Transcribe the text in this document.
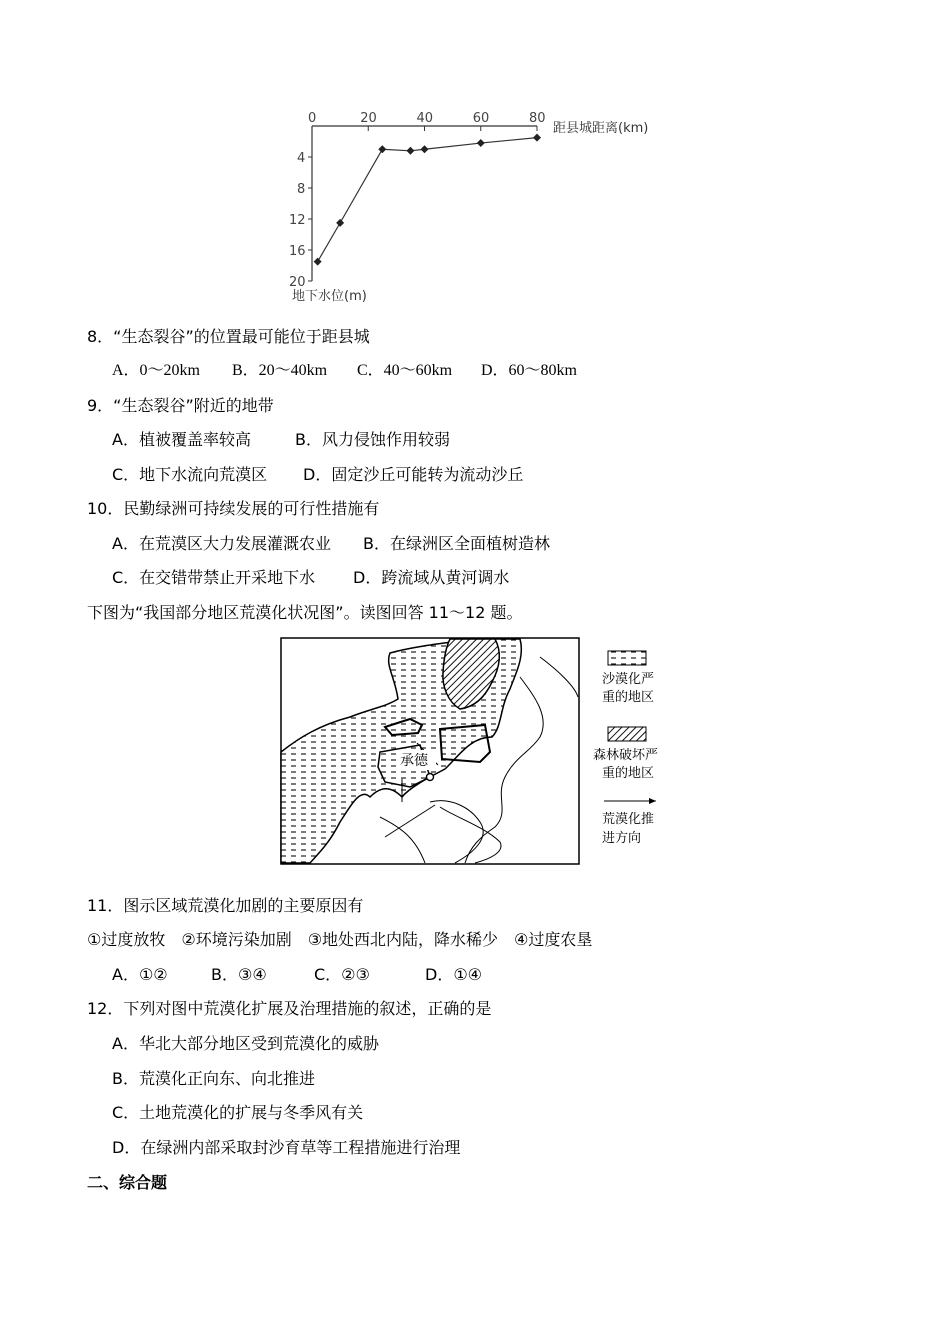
0	20	40	60	80
4
8
12
16
20
距县城距离(km)
地下水位(m)
8．“生态裂谷”的位置最可能位于距县城
A．0～20km B．20～40km C．40～60km D．60～80km
9．“生态裂谷”附近的地带
A．植被覆盖率较高	B．风力侵蚀作用较弱
C．地下水流向荒漠区 D．固定沙丘可能转为流动沙丘
10．民勤绿洲可持续发展的可行性措施有
A．在荒漠区大力发展灌溉农业 B．在绿洲区全面植树造林
C．在交错带禁止开采地下水 D．跨流域从黄河调水
下图为“我国部分地区荒漠化状况图”。读图回答 11～12 题。
承德
沙漠化严
重的地区
森林破坏严
重的地区
荒漠化推
进方向
11．图示区域荒漠化加剧的主要原因有
①过度放牧　②环境污染加剧　③地处西北内陆，降水稀少　④过度农垦
A．①②	B．③④	C．②③	D．①④
12．下列对图中荒漠化扩展及治理措施的叙述，正确的是
A．华北大部分地区受到荒漠化的威胁
B．荒漠化正向东、向北推进
C．土地荒漠化的扩展与冬季风有关
D．在绿洲内部采取封沙育草等工程措施进行治理
二、综合题
